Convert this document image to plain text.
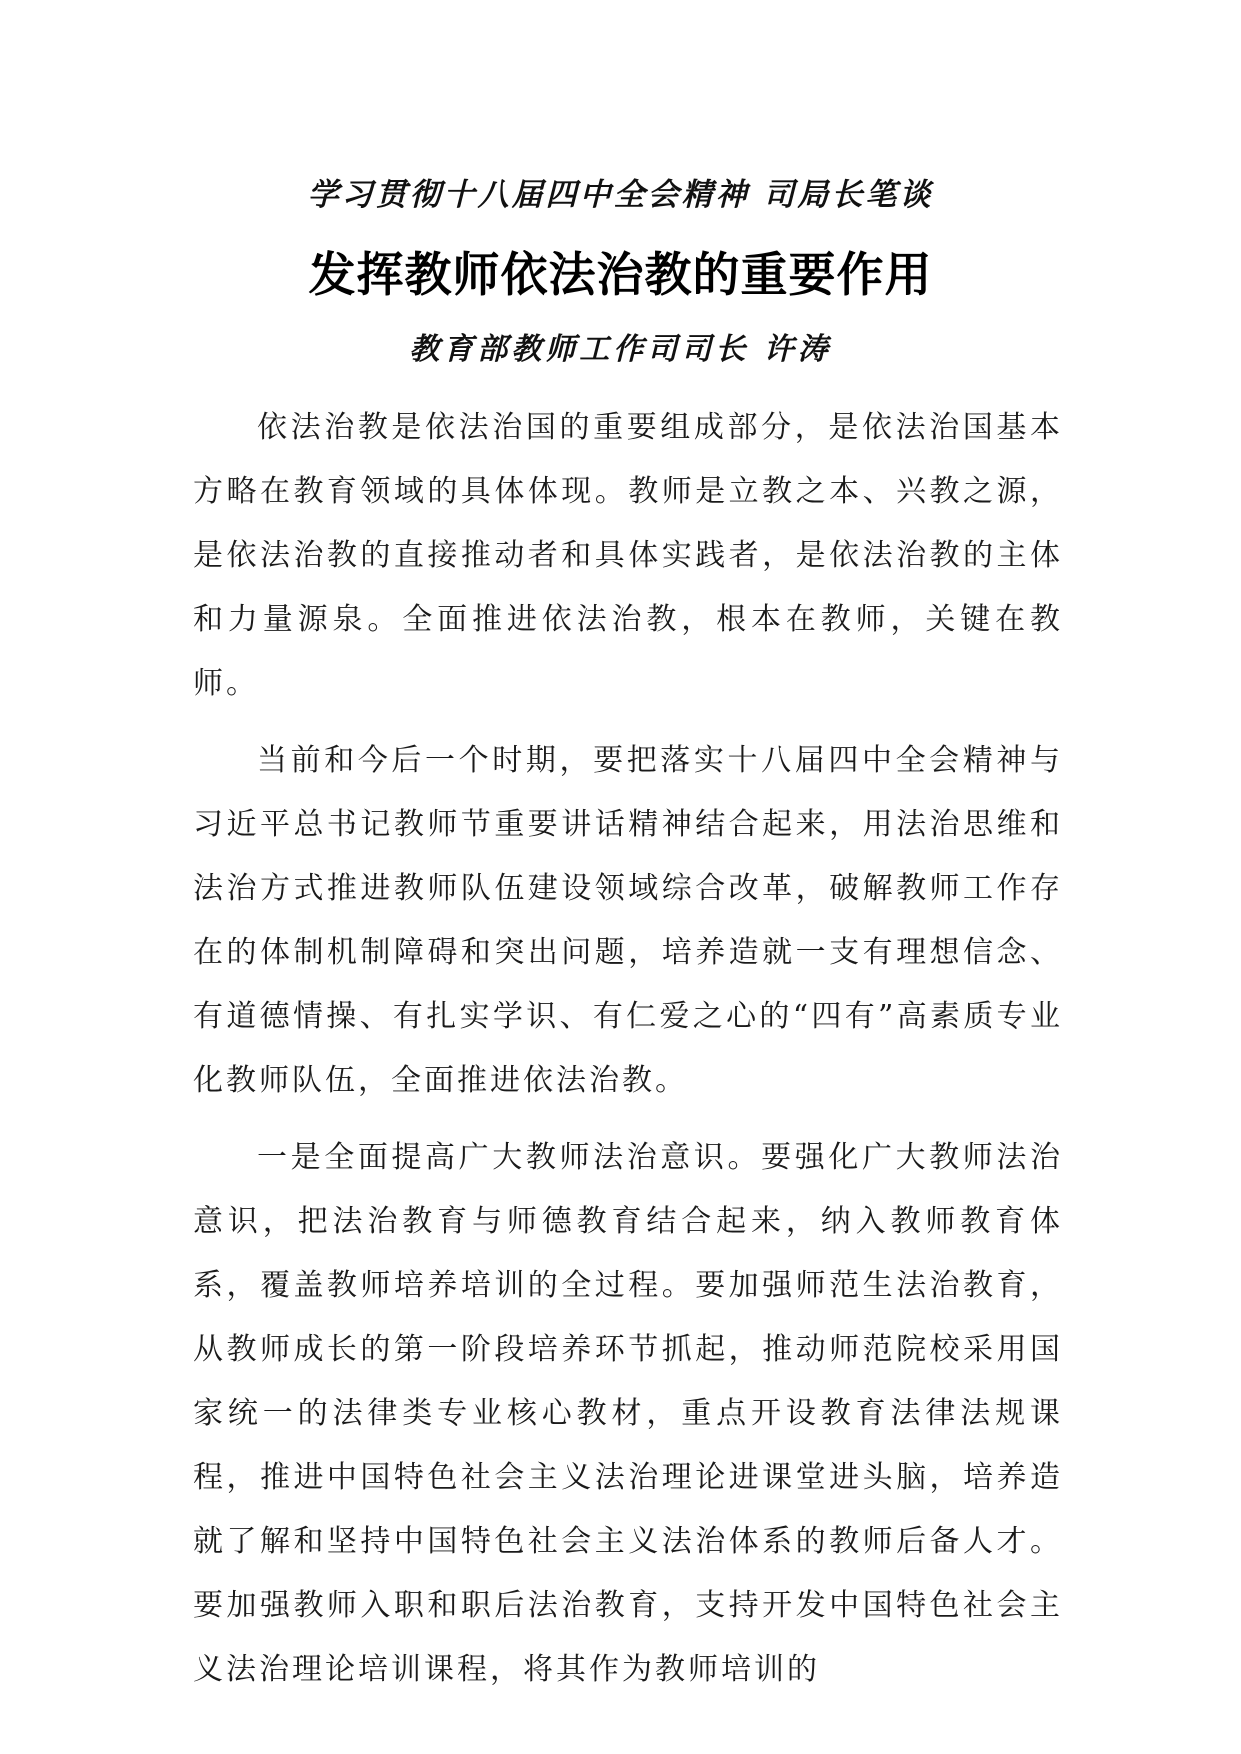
学习贯彻十八届四中全会精神 司局长笔谈
发挥教师依法治教的重要作用
教育部教师工作司司长 许涛

依法治教是依法治国的重要组成部分，是依法治国基本方略在教育领域的具体体现。教师是立教之本、兴教之源，是依法治教的直接推动者和具体实践者，是依法治教的主体和力量源泉。全面推进依法治教，根本在教师，关键在教师。

当前和今后一个时期，要把落实十八届四中全会精神与习近平总书记教师节重要讲话精神结合起来，用法治思维和法治方式推进教师队伍建设领域综合改革，破解教师工作存在的体制机制障碍和突出问题，培养造就一支有理想信念、有道德情操、有扎实学识、有仁爱之心的“四有”高素质专业化教师队伍，全面推进依法治教。

一是全面提高广大教师法治意识。要强化广大教师法治意识，把法治教育与师德教育结合起来，纳入教师教育体系，覆盖教师培养培训的全过程。要加强师范生法治教育，从教师成长的第一阶段培养环节抓起，推动师范院校采用国家统一的法律类专业核心教材，重点开设教育法律法规课程，推进中国特色社会主义法治理论进课堂进头脑，培养造就了解和坚持中国特色社会主义法治体系的教师后备人才。要加强教师入职和职后法治教育，支持开发中国特色社会主义法治理论培训课程，将其作为教师培训的
